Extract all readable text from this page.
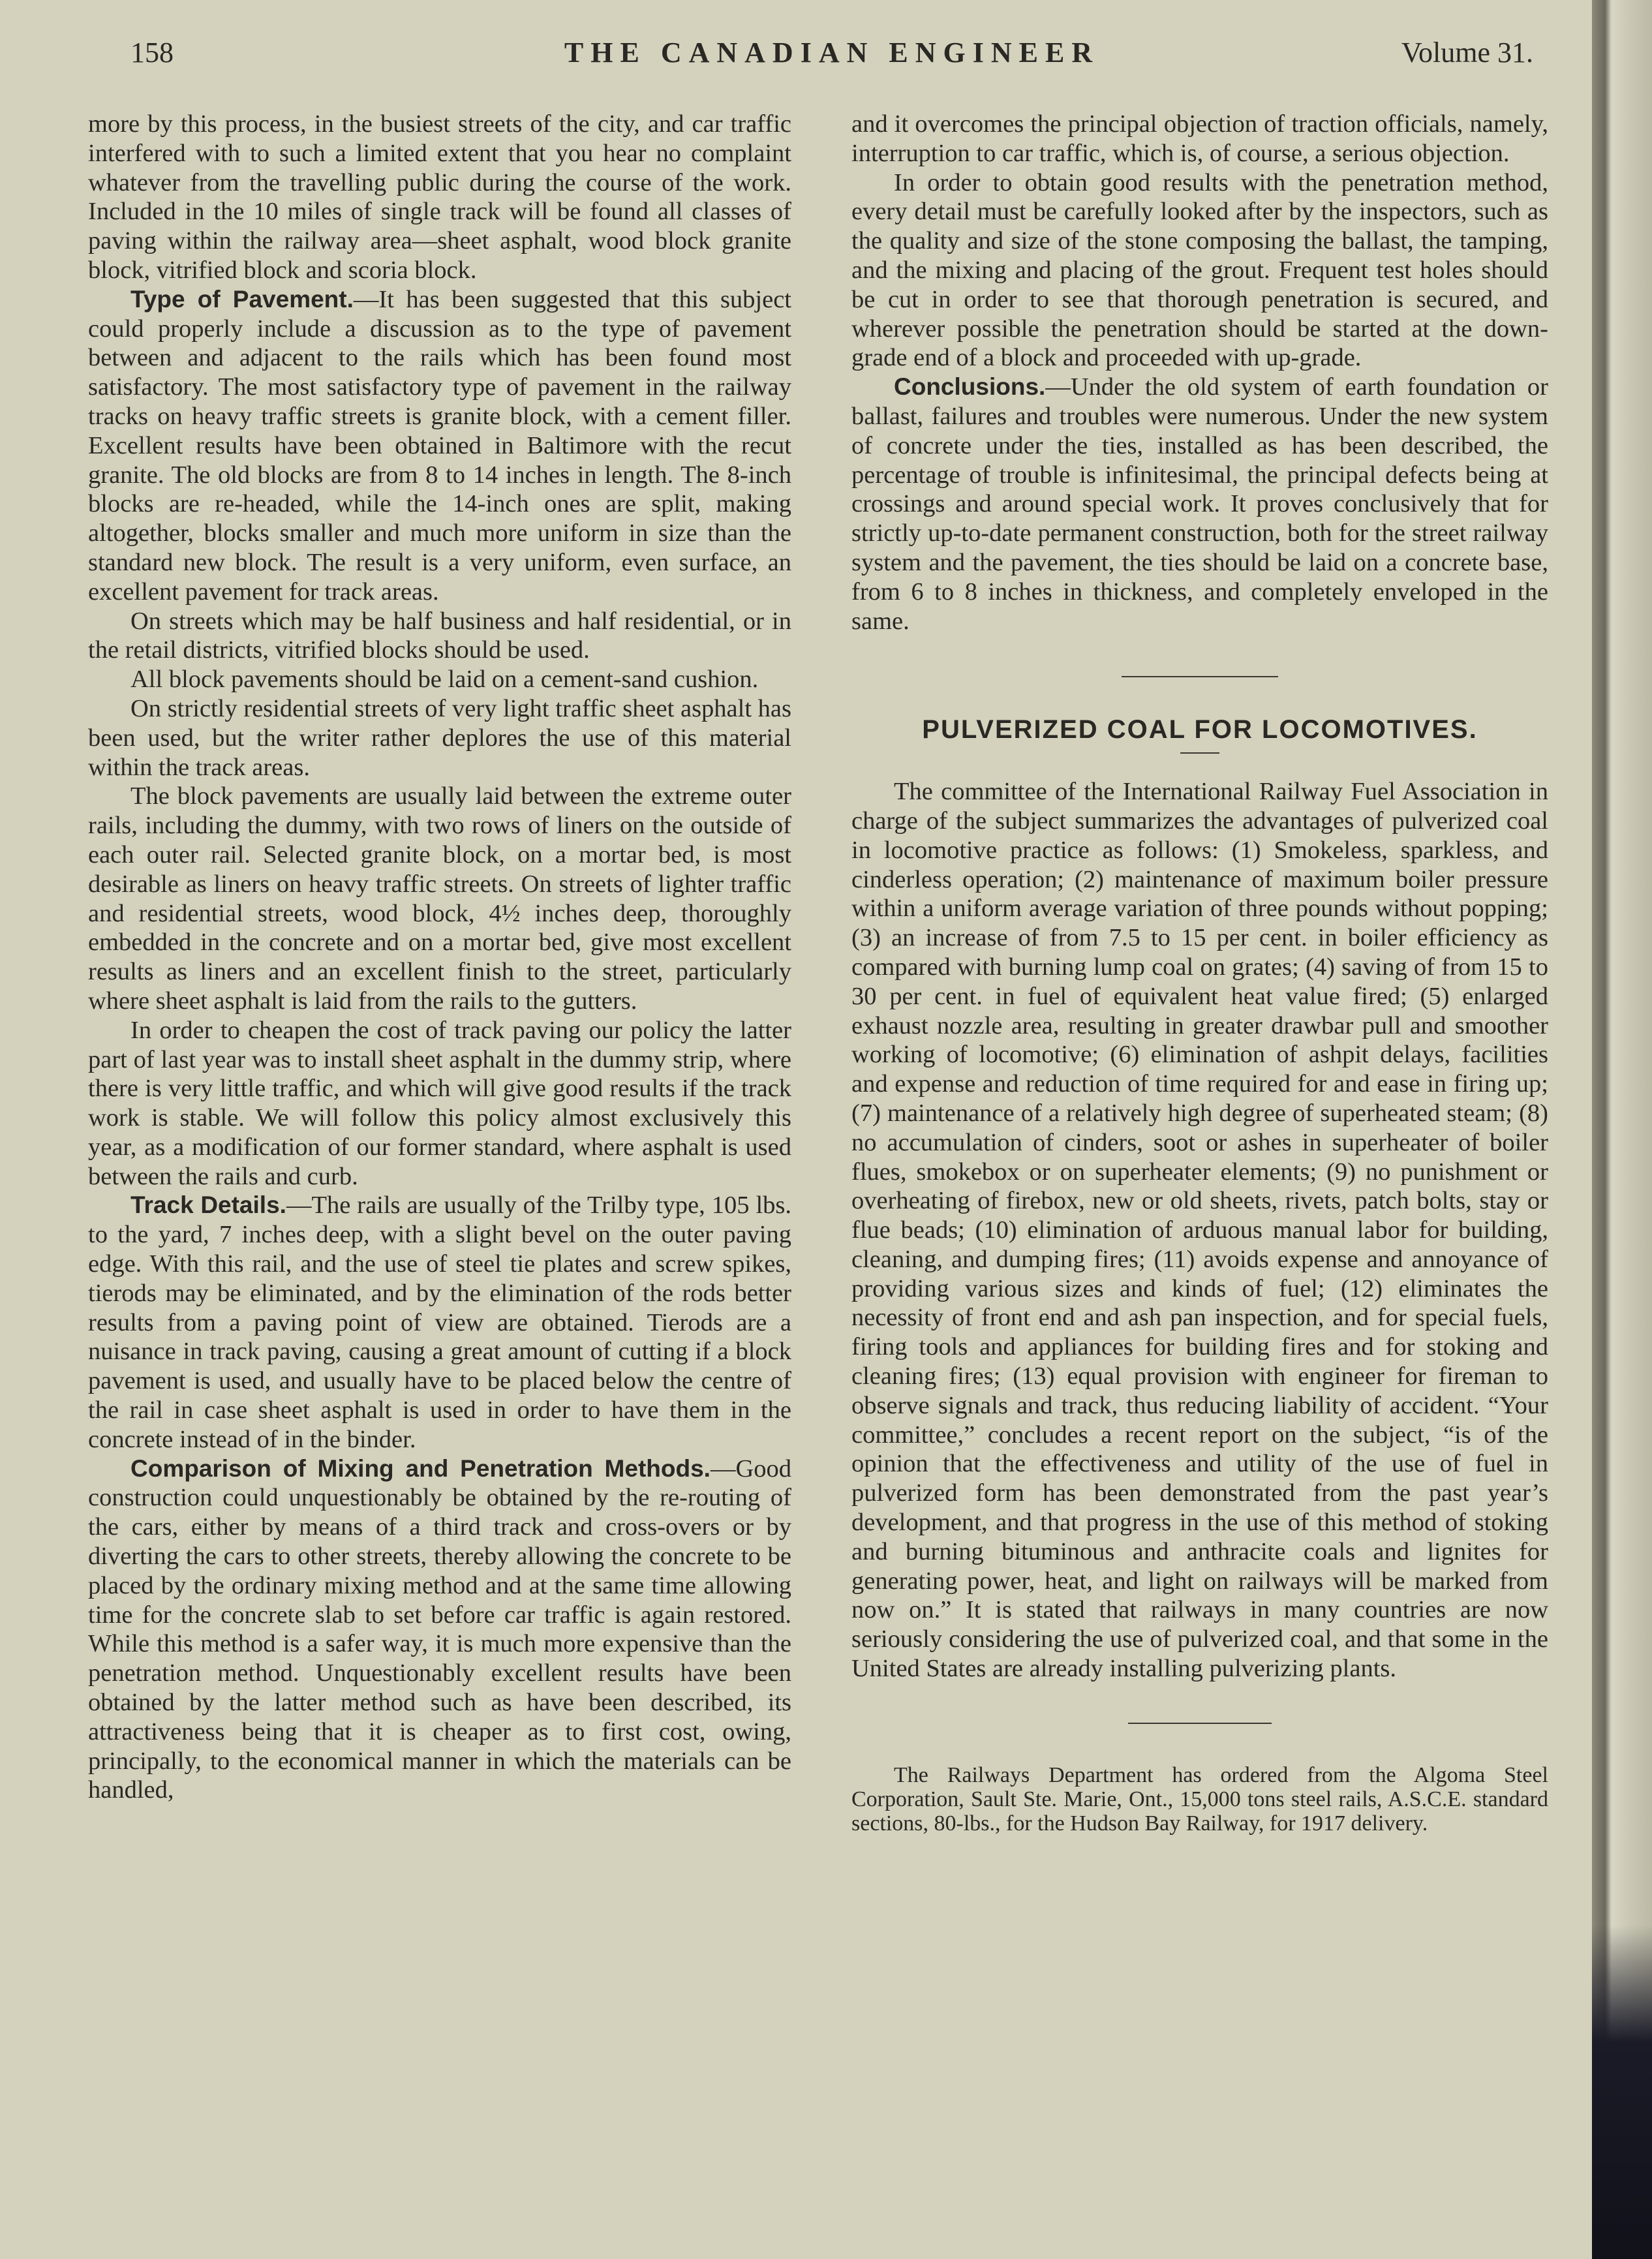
158	THE CANADIAN ENGINEER	Volume 31.

more by this process, in the busiest streets of the city, and car traffic interfered with to such a limited extent that you hear no complaint whatever from the travelling public during the course of the work. Included in the 10 miles of single track will be found all classes of paving within the railway area—sheet asphalt, wood block granite block, vitrified block and scoria block.

Type of Pavement.—It has been suggested that this subject could properly include a discussion as to the type of pavement between and adjacent to the rails which has been found most satisfactory. The most satisfactory type of pavement in the railway tracks on heavy traffic streets is granite block, with a cement filler. Excellent results have been obtained in Baltimore with the recut granite. The old blocks are from 8 to 14 inches in length. The 8-inch blocks are re-headed, while the 14-inch ones are split, making altogether, blocks smaller and much more uniform in size than the standard new block. The result is a very uniform, even surface, an excellent pavement for track areas.

On streets which may be half business and half residential, or in the retail districts, vitrified blocks should be used.

All block pavements should be laid on a cement-sand cushion.

On strictly residential streets of very light traffic sheet asphalt has been used, but the writer rather deplores the use of this material within the track areas.

The block pavements are usually laid between the extreme outer rails, including the dummy, with two rows of liners on the outside of each outer rail. Selected granite block, on a mortar bed, is most desirable as liners on heavy traffic streets. On streets of lighter traffic and residential streets, wood block, 4½ inches deep, thoroughly embedded in the concrete and on a mortar bed, give most excellent results as liners and an excellent finish to the street, particularly where sheet asphalt is laid from the rails to the gutters.

In order to cheapen the cost of track paving our policy the latter part of last year was to install sheet asphalt in the dummy strip, where there is very little traffic, and which will give good results if the track work is stable. We will follow this policy almost exclusively this year, as a modification of our former standard, where asphalt is used between the rails and curb.

Track Details.—The rails are usually of the Trilby type, 105 lbs. to the yard, 7 inches deep, with a slight bevel on the outer paving edge. With this rail, and the use of steel tie plates and screw spikes, tierods may be eliminated, and by the elimination of the rods better results from a paving point of view are obtained. Tierods are a nuisance in track paving, causing a great amount of cutting if a block pavement is used, and usually have to be placed below the centre of the rail in case sheet asphalt is used in order to have them in the concrete instead of in the binder.

Comparison of Mixing and Penetration Methods.—Good construction could unquestionably be obtained by the re-routing of the cars, either by means of a third track and cross-overs or by diverting the cars to other streets, thereby allowing the concrete to be placed by the ordinary mixing method and at the same time allowing time for the concrete slab to set before car traffic is again restored. While this method is a safer way, it is much more expensive than the penetration method. Unquestionably excellent results have been obtained by the latter method such as have been described, its attractiveness being that it is cheaper as to first cost, owing, principally, to the economical manner in which the materials can be handled,

and it overcomes the principal objection of traction officials, namely, interruption to car traffic, which is, of course, a serious objection.

In order to obtain good results with the penetration method, every detail must be carefully looked after by the inspectors, such as the quality and size of the stone composing the ballast, the tamping, and the mixing and placing of the grout. Frequent test holes should be cut in order to see that thorough penetration is secured, and wherever possible the penetration should be started at the down-grade end of a block and proceeded with up-grade.

Conclusions.—Under the old system of earth foundation or ballast, failures and troubles were numerous. Under the new system of concrete under the ties, installed as has been described, the percentage of trouble is infinitesimal, the principal defects being at crossings and around special work. It proves conclusively that for strictly up-to-date permanent construction, both for the street railway system and the pavement, the ties should be laid on a concrete base, from 6 to 8 inches in thickness, and completely enveloped in the same.

PULVERIZED COAL FOR LOCOMOTIVES.

The committee of the International Railway Fuel Association in charge of the subject summarizes the advantages of pulverized coal in locomotive practice as follows: (1) Smokeless, sparkless, and cinderless operation; (2) maintenance of maximum boiler pressure within a uniform average variation of three pounds without popping; (3) an increase of from 7.5 to 15 per cent. in boiler efficiency as compared with burning lump coal on grates; (4) saving of from 15 to 30 per cent. in fuel of equivalent heat value fired; (5) enlarged exhaust nozzle area, resulting in greater drawbar pull and smoother working of locomotive; (6) elimination of ashpit delays, facilities and expense and reduction of time required for and ease in firing up; (7) maintenance of a relatively high degree of superheated steam; (8) no accumulation of cinders, soot or ashes in superheater of boiler flues, smokebox or on superheater elements; (9) no punishment or overheating of firebox, new or old sheets, rivets, patch bolts, stay or flue beads; (10) elimination of arduous manual labor for building, cleaning, and dumping fires; (11) avoids expense and annoyance of providing various sizes and kinds of fuel; (12) eliminates the necessity of front end and ash pan inspection, and for special fuels, firing tools and appliances for building fires and for stoking and cleaning fires; (13) equal provision with engineer for fireman to observe signals and track, thus reducing liability of accident. “Your committee,” concludes a recent report on the subject, “is of the opinion that the effectiveness and utility of the use of fuel in pulverized form has been demonstrated from the past year’s development, and that progress in the use of this method of stoking and burning bituminous and anthracite coals and lignites for generating power, heat, and light on railways will be marked from now on.” It is stated that railways in many countries are now seriously considering the use of pulverized coal, and that some in the United States are already installing pulverizing plants.

The Railways Department has ordered from the Algoma Steel Corporation, Sault Ste. Marie, Ont., 15,000 tons steel rails, A.S.C.E. standard sections, 80-lbs., for the Hudson Bay Railway, for 1917 delivery.
